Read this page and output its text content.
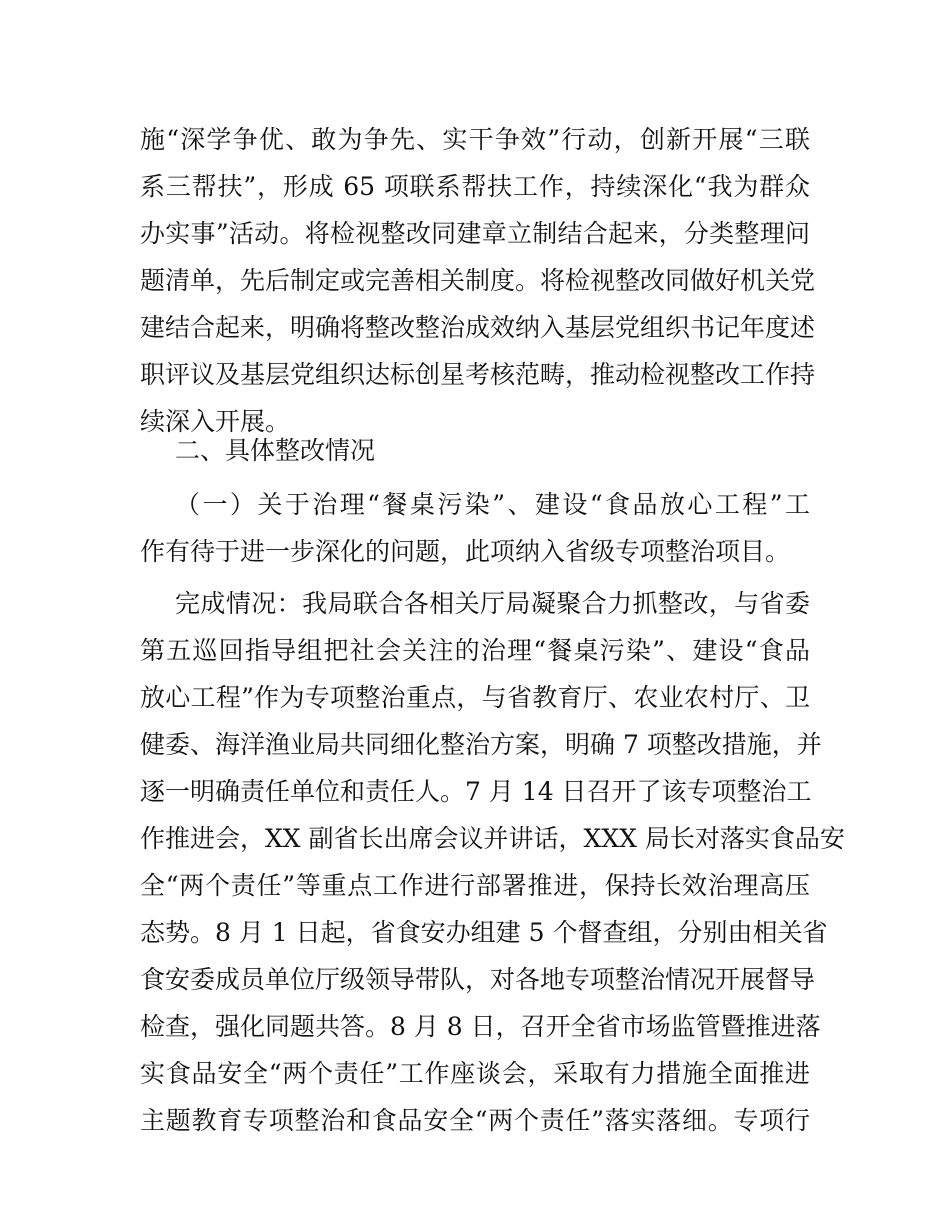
施“深学争优、敢为争先、实干争效”行动，创新开展“三联
系三帮扶”，形成 65 项联系帮扶工作，持续深化“我为群众
办实事”活动。将检视整改同建章立制结合起来，分类整理问
题清单，先后制定或完善相关制度。将检视整改同做好机关党
建结合起来，明确将整改整治成效纳入基层党组织书记年度述
职评议及基层党组织达标创星考核范畴，推动检视整改工作持
续深入开展。
二、具体整改情况
（一）关于治理“餐桌污染”、建设“食品放心工程”工
作有待于进一步深化的问题，此项纳入省级专项整治项目。
完成情况：我局联合各相关厅局凝聚合力抓整改，与省委
第五巡回指导组把社会关注的治理“餐桌污染”、建设“食品
放心工程”作为专项整治重点，与省教育厅、农业农村厅、卫
健委、海洋渔业局共同细化整治方案，明确 7 项整改措施，并
逐一明确责任单位和责任人。7 月 14 日召开了该专项整治工
作推进会，XX 副省长出席会议并讲话，XXX 局长对落实食品安
全“两个责任”等重点工作进行部署推进，保持长效治理高压
态势。8 月 1 日起，省食安办组建 5 个督查组，分别由相关省
食安委成员单位厅级领导带队，对各地专项整治情况开展督导
检查，强化同题共答。8 月 8 日，召开全省市场监管暨推进落
实食品安全“两个责任”工作座谈会，采取有力措施全面推进
主题教育专项整治和食品安全“两个责任”落实落细。专项行
